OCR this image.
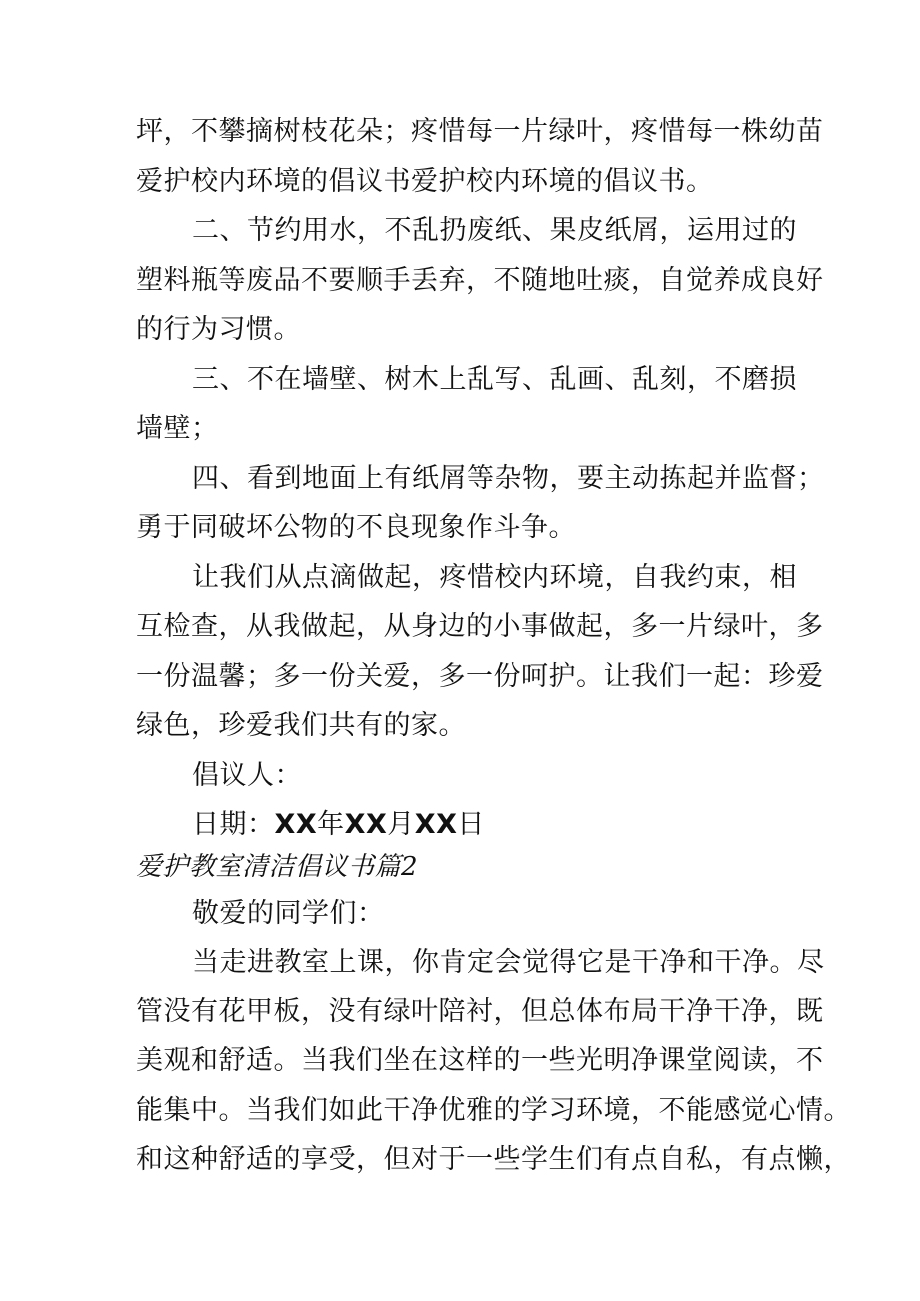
坪，不攀摘树枝花朵；疼惜每一片绿叶，疼惜每一株幼苗
爱护校内环境的倡议书爱护校内环境的倡议书。
二、节约用水，不乱扔废纸、果皮纸屑，运用过的
塑料瓶等废品不要顺手丢弃，不随地吐痰，自觉养成良好
的行为习惯。
三、不在墙壁、树木上乱写、乱画、乱刻，不磨损
墙壁；
四、看到地面上有纸屑等杂物，要主动拣起并监督；
勇于同破坏公物的不良现象作斗争。
让我们从点滴做起，疼惜校内环境，自我约束，相
互检查，从我做起，从身边的小事做起，多一片绿叶，多
一份温馨；多一份关爱，多一份呵护。让我们一起：珍爱
绿色，珍爱我们共有的家。
倡议人：
日期：XX年XX月XX日
爱护教室清洁倡议书篇2
敬爱的同学们：
当走进教室上课，你肯定会觉得它是干净和干净。尽
管没有花甲板，没有绿叶陪衬，但总体布局干净干净，既
美观和舒适。当我们坐在这样的一些光明净课堂阅读，不
能集中。当我们如此干净优雅的学习环境，不能感觉心情。
和这种舒适的享受，但对于一些学生们有点自私，有点懒，
